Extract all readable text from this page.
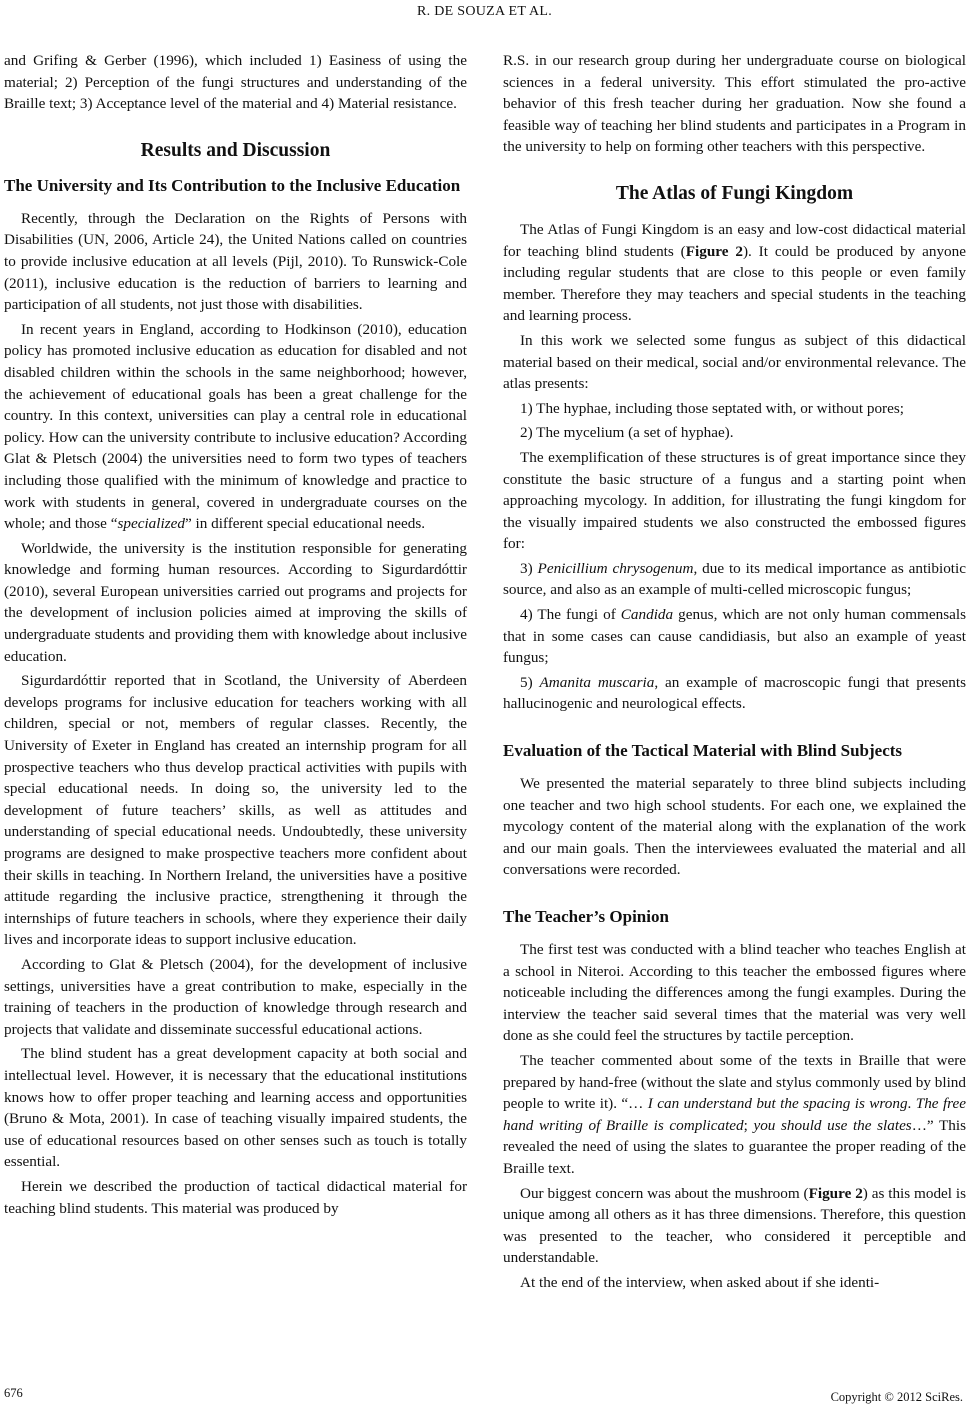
R. DE SOUZA ET AL.

and Grifing & Gerber (1996), which included 1) Easiness of using the material; 2) Perception of the fungi structures and understanding of the Braille text; 3) Acceptance level of the material and 4) Material resistance.

Results and Discussion
The University and Its Contribution to the Inclusive Education

Recently, through the Declaration on the Rights of Persons with Disabilities (UN, 2006, Article 24), the United Nations called on countries to provide inclusive education at all levels (Pijl, 2010). To Runswick-Cole (2011), inclusive education is the reduction of barriers to learning and participation of all students, not just those with disabilities.

In recent years in England, according to Hodkinson (2010), education policy has promoted inclusive education as education for disabled and not disabled children within the schools in the same neighborhood; however, the achievement of educational goals has been a great challenge for the country. In this context, universities can play a central role in educational policy. How can the university contribute to inclusive education? According Glat & Pletsch (2004) the universities need to form two types of teachers including those qualified with the minimum of knowledge and practice to work with students in general, covered in undergraduate courses on the whole; and those “specialized” in different special educational needs.

Worldwide, the university is the institution responsible for generating knowledge and forming human resources. According to Sigurdardóttir (2010), several European universities carried out programs and projects for the development of inclusion policies aimed at improving the skills of undergraduate students and providing them with knowledge about inclusive education.

Sigurdardóttir reported that in Scotland, the University of Aberdeen develops programs for inclusive education for teachers working with all children, special or not, members of regular classes. Recently, the University of Exeter in England has created an internship program for all prospective teachers who thus develop practical activities with pupils with special educational needs. In doing so, the university led to the development of future teachers’ skills, as well as attitudes and understanding of special educational needs. Undoubtedly, these university programs are designed to make prospective teachers more confident about their skills in teaching. In Northern Ireland, the universities have a positive attitude regarding the inclusive practice, strengthening it through the internships of future teachers in schools, where they experience their daily lives and incorporate ideas to support inclusive education.

According to Glat & Pletsch (2004), for the development of inclusive settings, universities have a great contribution to make, especially in the training of teachers in the production of knowledge through research and projects that validate and disseminate successful educational actions.

The blind student has a great development capacity at both social and intellectual level. However, it is necessary that the educational institutions knows how to offer proper teaching and learning access and opportunities (Bruno & Mota, 2001). In case of teaching visually impaired students, the use of educational resources based on other senses such as touch is totally essential.

Herein we described the production of tactical didactical material for teaching blind students. This material was produced by

R.S. in our research group during her undergraduate course on biological sciences in a federal university. This effort stimulated the pro-active behavior of this fresh teacher during her graduation. Now she found a feasible way of teaching her blind students and participates in a Program in the university to help on forming other teachers with this perspective.

The Atlas of Fungi Kingdom

The Atlas of Fungi Kingdom is an easy and low-cost didactical material for teaching blind students (Figure 2). It could be produced by anyone including regular students that are close to this people or even family member. Therefore they may teachers and special students in the teaching and learning process.

In this work we selected some fungus as subject of this didactical material based on their medical, social and/or environmental relevance. The atlas presents:

1) The hyphae, including those septated with, or without pores;

2) The mycelium (a set of hyphae).

The exemplification of these structures is of great importance since they constitute the basic structure of a fungus and a starting point when approaching mycology. In addition, for illustrating the fungi kingdom for the visually impaired students we also constructed the embossed figures for:

3) Penicillium chrysogenum, due to its medical importance as antibiotic source, and also as an example of multi-celled microscopic fungus;

4) The fungi of Candida genus, which are not only human commensals that in some cases can cause candidiasis, but also an example of yeast fungus;

5) Amanita muscaria, an example of macroscopic fungi that presents hallucinogenic and neurological effects.

Evaluation of the Tactical Material with Blind Subjects

We presented the material separately to three blind subjects including one teacher and two high school students. For each one, we explained the mycology content of the material along with the explanation of the work and our main goals. Then the interviewees evaluated the material and all conversations were recorded.

The Teacher’s Opinion

The first test was conducted with a blind teacher who teaches English at a school in Niteroi. According to this teacher the embossed figures where noticeable including the differences among the fungi examples. During the interview the teacher said several times that the material was very well done as she could feel the structures by tactile perception.

The teacher commented about some of the texts in Braille that were prepared by hand-free (without the slate and stylus commonly used by blind people to write it). “… I can understand but the spacing is wrong. The free hand writing of Braille is complicated; you should use the slates…” This revealed the need of using the slates to guarantee the proper reading of the Braille text.

Our biggest concern was about the mushroom (Figure 2) as this model is unique among all others as it has three dimensions. Therefore, this question was presented to the teacher, who considered it perceptible and understandable.

At the end of the interview, when asked about if she identi-

676	Copyright © 2012 SciRes.
